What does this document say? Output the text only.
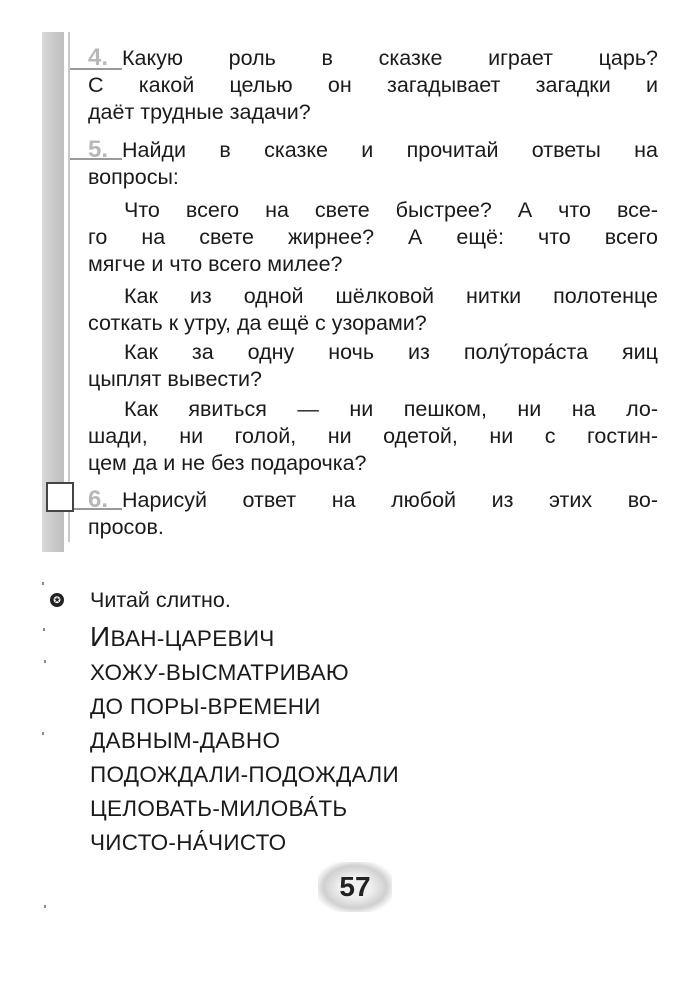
4. Какую роль в сказке играет царь?
С какой целью он загадывает загадки и
даёт трудные задачи?
5. Найди в сказке и прочитай ответы на
вопросы:
Что всего на свете быстрее? А что все-
го на свете жирнее? А ещё: что всего
мягче и что всего милее?
Как из одной шёлковой нитки полотенце
соткать к утру, да ещё с узорами?
Как за одну ночь из полу́тора́ста яиц
цыплят вывести?
Как явиться — ни пешком, ни на ло-
шади, ни голой, ни одетой, ни с гостин-
цем да и не без подарочка?
6. Нарисуй ответ на любой из этих во-
просов.
✪ Читай слитно.
ИВАН-ЦАРЕВИЧ
ХОЖУ-ВЫСМАТРИВАЮ
ДО ПОРЫ-ВРЕМЕНИ
ДАВНЫМ-ДАВНО
ПОДОЖДАЛИ-ПОДОЖДАЛИ
ЦЕЛОВАТЬ-МИЛОВА́ТЬ
ЧИСТО-НА́ЧИСТО
57
